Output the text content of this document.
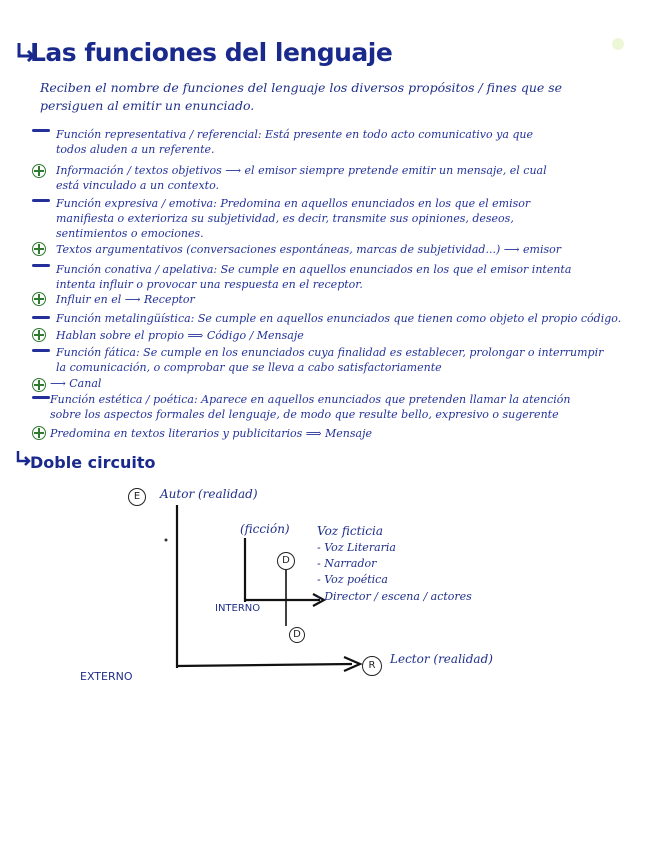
Las funciones del lenguaje
Reciben el nombre de funciones del lenguaje los diversos propósitos / fines que se persiguen al emitir un enunciado.
Función representativa / referencial: Está presente en todo acto comunicativo ya que
todos aluden a un referente.
Información / textos objetivos ⟶ el emisor siempre pretende emitir un mensaje, el cual
está vinculado a un contexto.
Función expresiva / emotiva: Predomina en aquellos enunciados en los que el emisor
manifiesta o exterioriza su subjetividad, es decir, transmite sus opiniones, deseos,
sentimientos o emociones.
Textos argumentativos (conversaciones espontáneas, marcas de subjetividad...) ⟶ emisor
Función conativa / apelativa: Se cumple en aquellos enunciados en los que el emisor intenta
intenta influir o provocar una respuesta en el receptor.
Influir en el ⟶ Receptor
Función metalingüística: Se cumple en aquellos enunciados que tienen como objeto el propio código.
Hablan sobre el propio ⟹ Código / Mensaje
Función fática: Se cumple en los enunciados cuya finalidad es establecer, prolongar o interrumpir
la comunicación, o comprobar que se lleva a cabo satisfactoriamente
⟶ Canal
Función estética / poética: Aparece en aquellos enunciados que pretenden llamar la atención
sobre los aspectos formales del lenguaje, de modo que resulte bello, expresivo o sugerente
Predomina en textos literarios y publicitarios ⟹ Mensaje
Doble circuito
E	Autor (realidad)
(ficción) Voz ficticia
- Voz Literaria
- Narrador
- Voz poética
- Director / escena / actores
D
D
INTERNO
EXTERNO
R	Lector (realidad)
